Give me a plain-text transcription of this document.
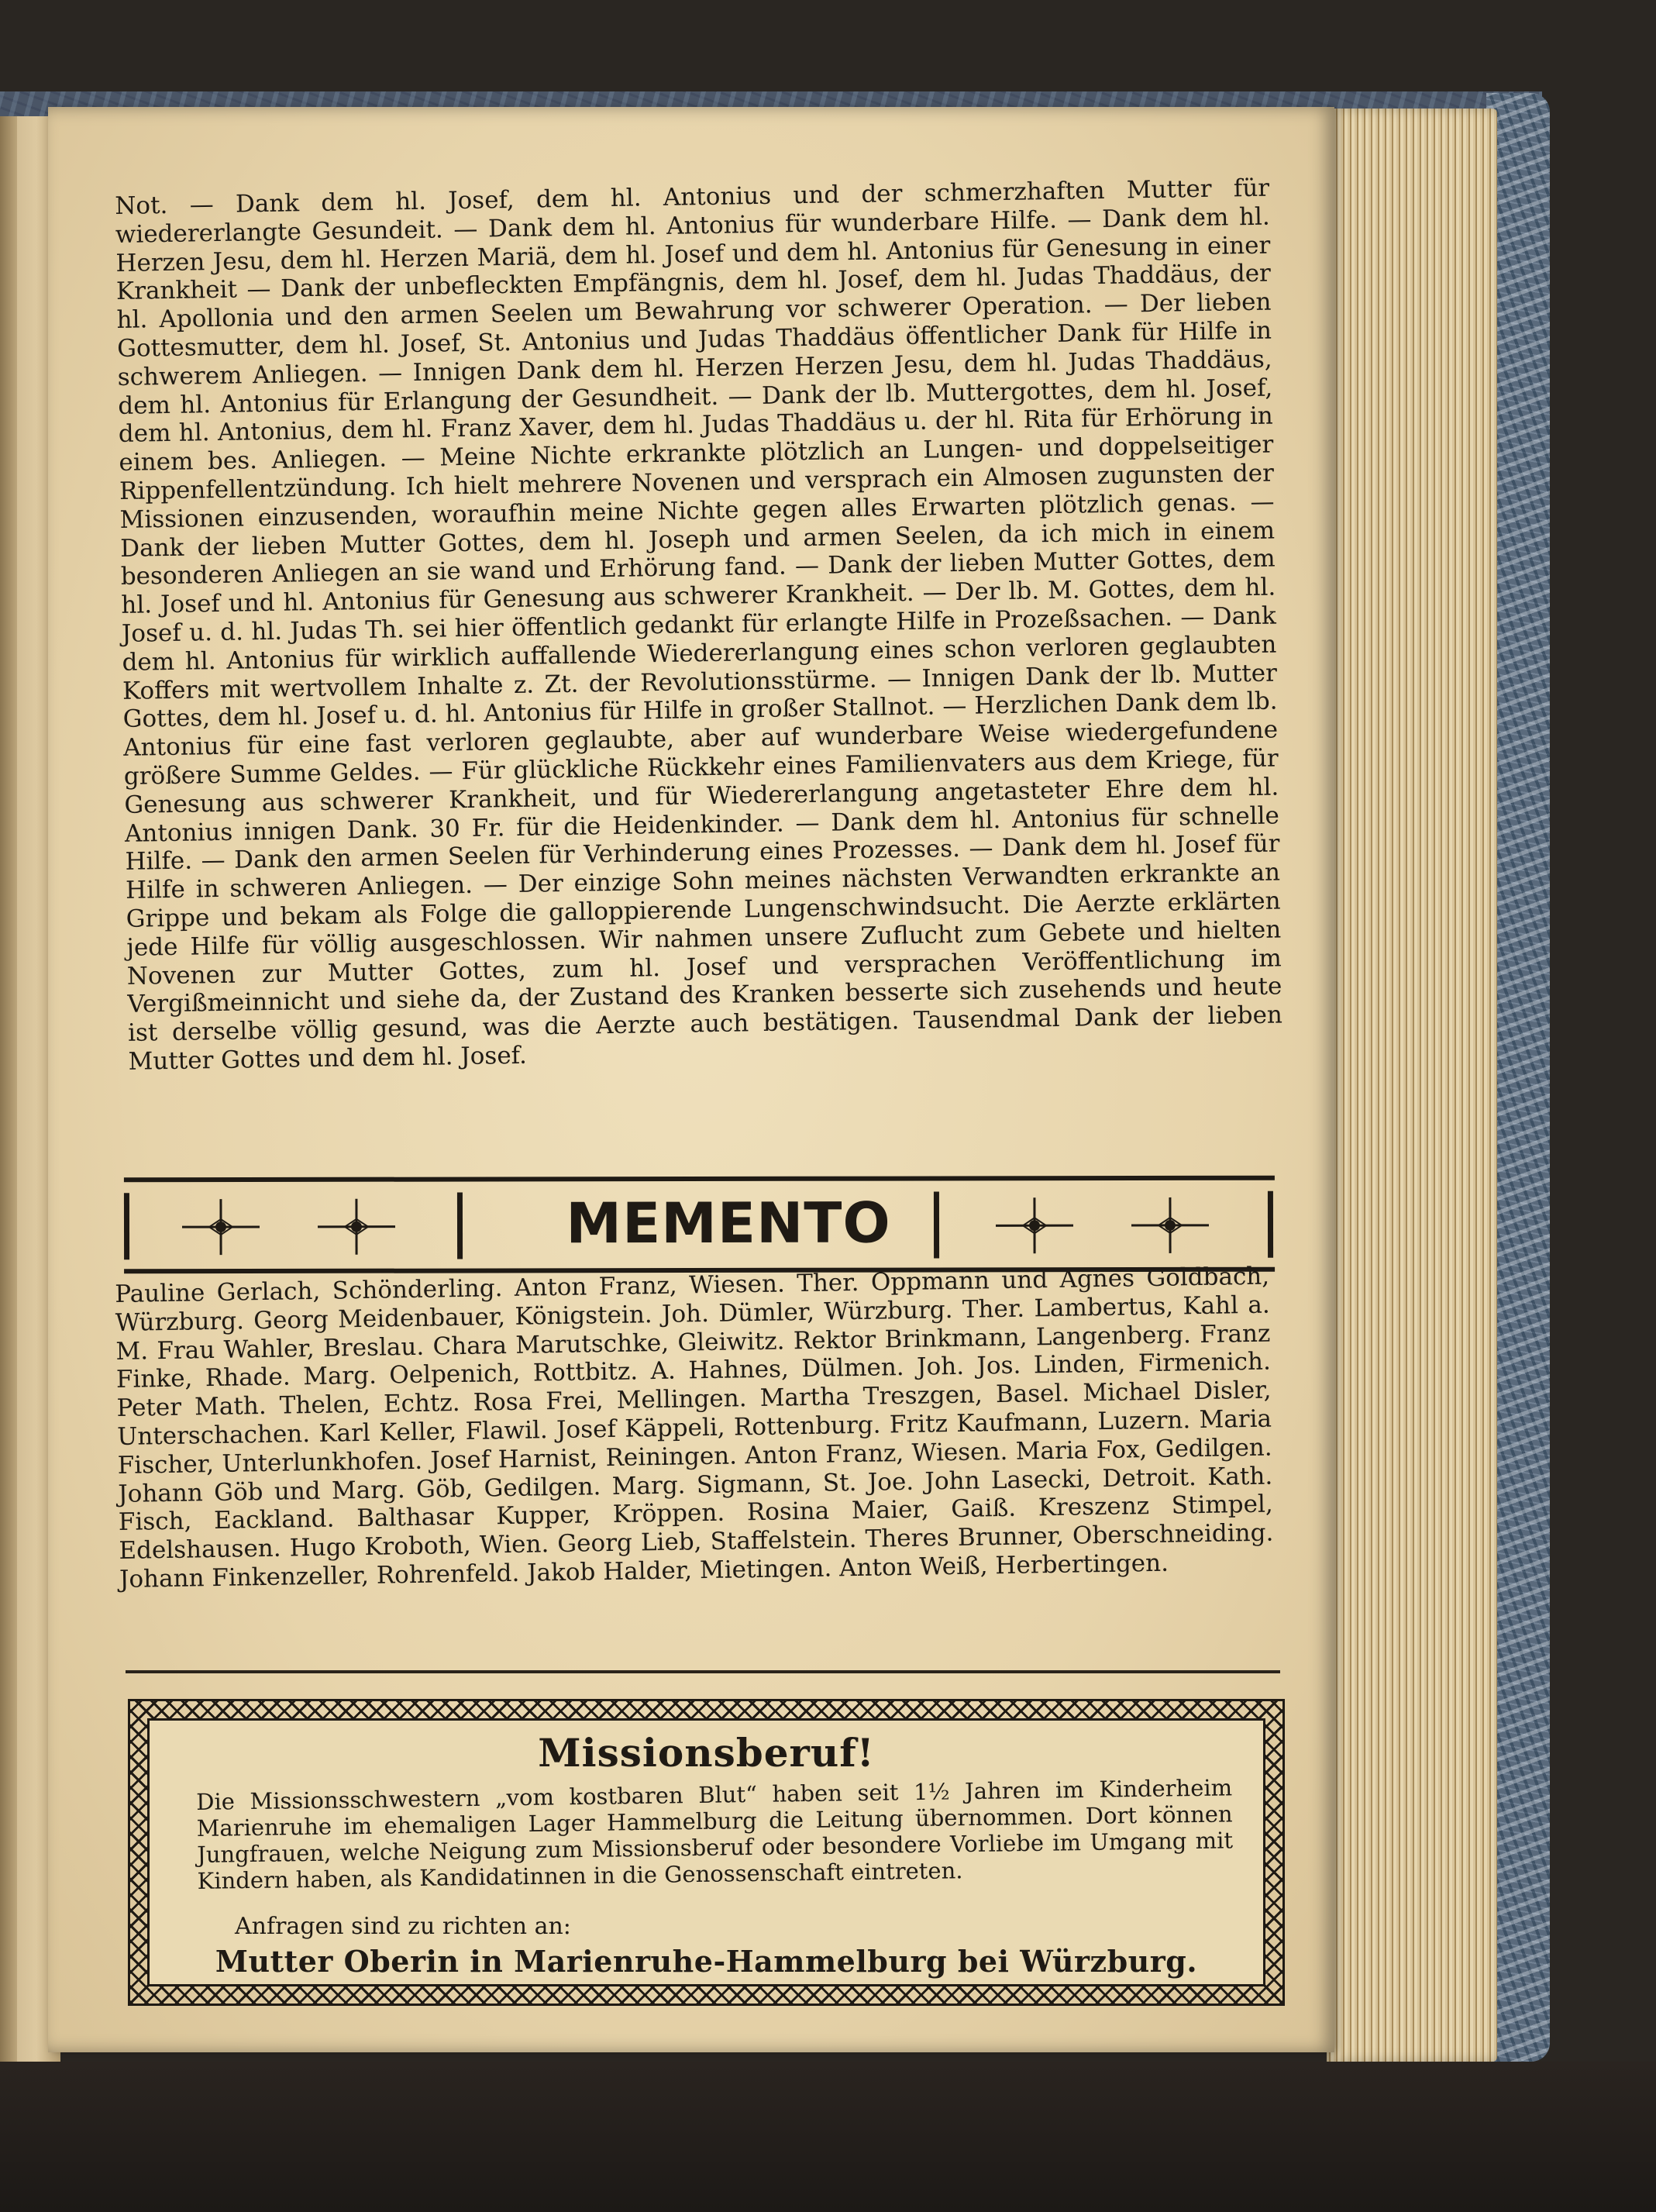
Not. — Dank dem hl. Josef, dem hl. Antonius und der schmerzhaften Mutter für wiedererlangte Gesundeit. — Dank dem hl. Antonius für wunderbare Hilfe. — Dank dem hl. Herzen Jesu, dem hl. Herzen Mariä, dem hl. Josef und dem hl. Antonius für Genesung in einer Krankheit — Dank der unbefleckten Empfängnis, dem hl. Josef, dem hl. Judas Thaddäus, der hl. Apollonia und den armen Seelen um Bewahrung vor schwerer Operation. — Der lieben Gottesmutter, dem hl. Josef, St. Antonius und Judas Thaddäus öffentlicher Dank für Hilfe in schwerem Anliegen. — Innigen Dank dem hl. Herzen Herzen Jesu, dem hl. Judas Thaddäus, dem hl. Antonius für Erlangung der Gesundheit. — Dank der lb. Muttergottes, dem hl. Josef, dem hl. Antonius, dem hl. Franz Xaver, dem hl. Judas Thaddäus u. der hl. Rita für Erhörung in einem bes. Anliegen. — Meine Nichte erkrankte plötzlich an Lungen- und doppelseitiger Rippenfellentzündung. Ich hielt mehrere Novenen und versprach ein Almosen zugunsten der Missionen einzusenden, woraufhin meine Nichte gegen alles Erwarten plötzlich genas. — Dank der lieben Mutter Gottes, dem hl. Joseph und armen Seelen, da ich mich in einem besonderen Anliegen an sie wand und Erhörung fand. — Dank der lieben Mutter Gottes, dem hl. Josef und hl. Antonius für Genesung aus schwerer Krankheit. — Der lb. M. Gottes, dem hl. Josef u. d. hl. Judas Th. sei hier öffentlich gedankt für erlangte Hilfe in Prozeßsachen. — Dank dem hl. Antonius für wirklich auffallende Wiedererlangung eines schon verloren geglaubten Koffers mit wertvollem Inhalte z. Zt. der Revolutionsstürme. — Innigen Dank der lb. Mutter Gottes, dem hl. Josef u. d. hl. Antonius für Hilfe in großer Stallnot. — Herzlichen Dank dem lb. Antonius für eine fast verloren geglaubte, aber auf wunderbare Weise wiedergefundene größere Summe Geldes. — Für glückliche Rückkehr eines Familienvaters aus dem Kriege, für Genesung aus schwerer Krankheit, und für Wiedererlangung angetasteter Ehre dem hl. Antonius innigen Dank. 30 Fr. für die Heidenkinder. — Dank dem hl. Antonius für schnelle Hilfe. — Dank den armen Seelen für Verhinderung eines Prozesses. — Dank dem hl. Josef für Hilfe in schweren Anliegen. — Der einzige Sohn meines nächsten Verwandten erkrankte an Grippe und bekam als Folge die galloppierende Lungenschwindsucht. Die Aerzte erklärten jede Hilfe für völlig ausgeschlossen. Wir nahmen unsere Zuflucht zum Gebete und hielten Novenen zur Mutter Gottes, zum hl. Josef und versprachen Veröffentlichung im Vergißmeinnicht und siehe da, der Zustand des Kranken besserte sich zusehends und heute ist derselbe völlig gesund, was die Aerzte auch bestätigen. Tausendmal Dank der lieben Mutter Gottes und dem hl. Josef.

MEMENTO

Pauline Gerlach, Schönderling. Anton Franz, Wiesen. Ther. Oppmann und Agnes Goldbach, Würzburg. Georg Meidenbauer, Königstein. Joh. Dümler, Würzburg. Ther. Lambertus, Kahl a. M. Frau Wahler, Breslau. Chara Marutschke, Gleiwitz. Rektor Brinkmann, Langenberg. Franz Finke, Rhade. Marg. Oelpenich, Rottbitz. A. Hahnes, Dülmen. Joh. Jos. Linden, Firmenich. Peter Math. Thelen, Echtz. Rosa Frei, Mellingen. Martha Treszgen, Basel. Michael Disler, Unterschachen. Karl Keller, Flawil. Josef Käppeli, Rottenburg. Fritz Kaufmann, Luzern. Maria Fischer, Unterlunkhofen. Josef Harnist, Reiningen. Anton Franz, Wiesen. Maria Fox, Gedilgen. Johann Göb und Marg. Göb, Gedilgen. Marg. Sigmann, St. Joe. John Lasecki, Detroit. Kath. Fisch, Eackland. Balthasar Kupper, Kröppen. Rosina Maier, Gaiß. Kreszenz Stimpel, Edelshausen. Hugo Kroboth, Wien. Georg Lieb, Staffelstein. Theres Brunner, Oberschneiding. Johann Finkenzeller, Rohrenfeld. Jakob Halder, Mietingen. Anton Weiß, Herbertingen.

Missionsberuf!

Die Missionsschwestern „vom kostbaren Blut“ haben seit 1½ Jahren im Kinderheim Marienruhe im ehemaligen Lager Hammelburg die Leitung übernommen. Dort können Jungfrauen, welche Neigung zum Missionsberuf oder besondere Vorliebe im Umgang mit Kindern haben, als Kandidatinnen in die Genossenschaft eintreten.

Anfragen sind zu richten an:
Mutter Oberin in Marienruhe-Hammelburg bei Würzburg.
